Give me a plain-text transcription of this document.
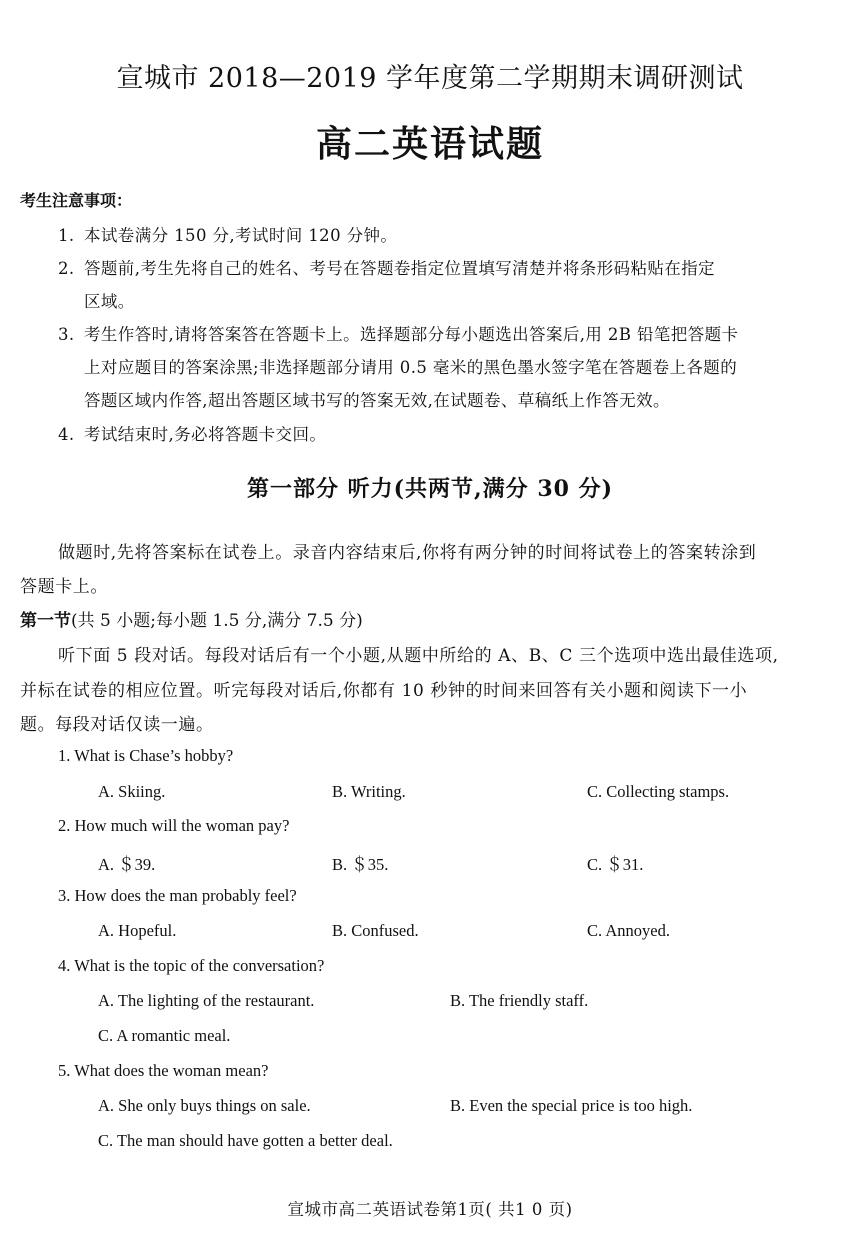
宣城市 2018—2019 学年度第二学期期末调研测试
高二英语试题
考生注意事项：
1. 本试卷满分 150 分,考试时间 120 分钟。
2. 答题前,考生先将自己的姓名、考号在答题卷指定位置填写清楚并将条形码粘贴在指定
区域。
3. 考生作答时,请将答案答在答题卡上。选择题部分每小题选出答案后,用 2B 铅笔把答题卡
上对应题目的答案涂黑;非选择题部分请用 0.5 毫米的黑色墨水签字笔在答题卷上各题的
答题区域内作答,超出答题区域书写的答案无效,在试题卷、草稿纸上作答无效。
4. 考试结束时,务必将答题卡交回。
第一部分 听力(共两节,满分 30 分)
做题时,先将答案标在试卷上。录音内容结束后,你将有两分钟的时间将试卷上的答案转涂到
答题卡上。
第一节(共 5 小题;每小题 1.5 分,满分 7.5 分)
听下面 5 段对话。每段对话后有一个小题,从题中所给的 A、B、C 三个选项中选出最佳选项,
并标在试卷的相应位置。听完每段对话后,你都有 10 秒钟的时间来回答有关小题和阅读下一小
题。每段对话仅读一遍。
1. What is Chase’s hobby?
A. Skiing.	B. Writing.	C. Collecting stamps.
2. How much will the woman pay?
A. ＄39.	B. ＄35.	C. ＄31.
3. How does the man probably feel?
A. Hopeful.	B. Confused.	C. Annoyed.
4. What is the topic of the conversation?
A. The lighting of the restaurant.	B. The friendly staff.
C. A romantic meal.
5. What does the woman mean?
A. She only buys things on sale.	B. Even the special price is too high.
C. The man should have gotten a better deal.
宣城市高二英语试卷第1页( 共1 0 页)
